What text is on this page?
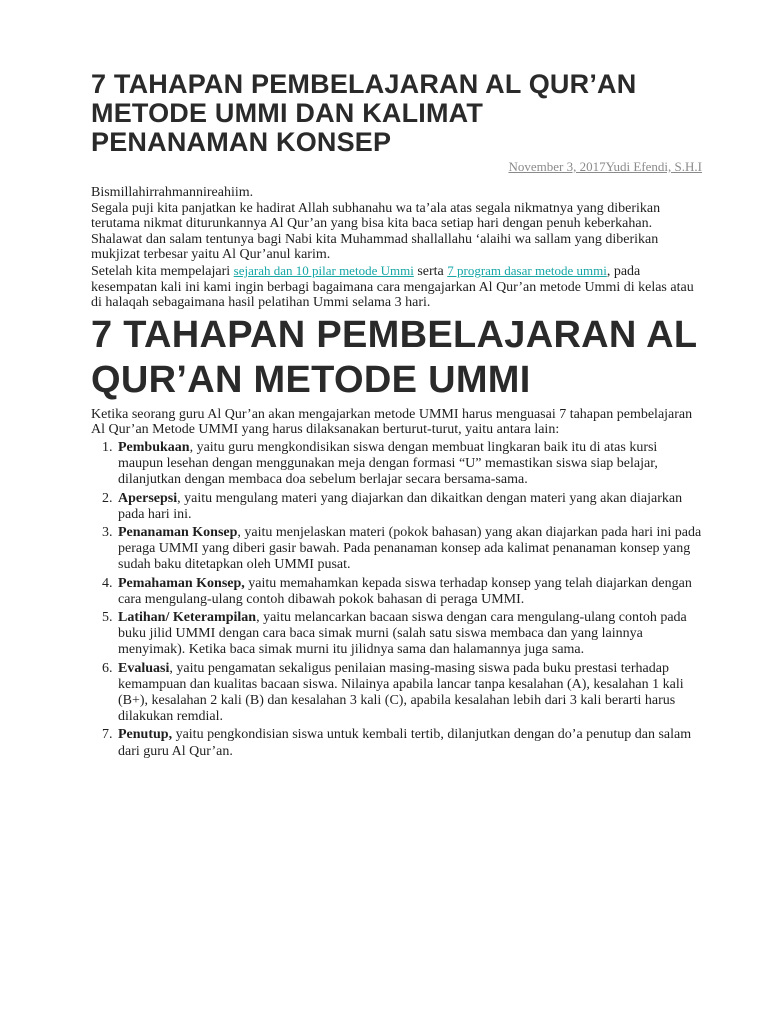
7 TAHAPAN PEMBELAJARAN AL QUR’AN METODE UMMI DAN KALIMAT PENANAMAN KONSEP
November 3, 2017Yudi Efendi, S.H.I

Bismillahirrahmannireahiim.

Segala puji kita panjatkan ke hadirat Allah subhanahu wa ta’ala atas segala nikmatnya yang diberikan terutama nikmat diturunkannya Al Qur’an yang bisa kita baca setiap hari dengan penuh keberkahan. Shalawat dan salam tentunya bagi Nabi kita Muhammad shallallahu ‘alaihi wa sallam yang diberikan mukjizat terbesar yaitu Al Qur’anul karim.

Setelah kita mempelajari sejarah dan 10 pilar metode Ummi serta 7 program dasar metode ummi, pada kesempatan kali ini kami ingin berbagi bagaimana cara mengajarkan Al Qur’an metode Ummi di kelas atau di halaqah sebagaimana hasil pelatihan Ummi selama 3 hari.

7 TAHAPAN PEMBELAJARAN AL QUR’AN METODE UMMI

Ketika seorang guru Al Qur’an akan mengajarkan metode UMMI harus menguasai 7 tahapan pembelajaran Al Qur’an Metode UMMI yang harus dilaksanakan berturut-turut, yaitu antara lain:

1. Pembukaan, yaitu guru mengkondisikan siswa dengan membuat lingkaran baik itu di atas kursi maupun lesehan dengan menggunakan meja dengan formasi “U” memastikan siswa siap belajar, dilanjutkan dengan membaca doa sebelum berlajar secara bersama-sama.
2. Apersepsi, yaitu mengulang materi yang diajarkan dan dikaitkan dengan materi yang akan diajarkan pada hari ini.
3. Penanaman Konsep, yaitu menjelaskan materi (pokok bahasan) yang akan diajarkan pada hari ini pada peraga UMMI yang diberi gasir bawah. Pada penanaman konsep ada kalimat penanaman konsep yang sudah baku ditetapkan oleh UMMI pusat.
4. Pemahaman Konsep, yaitu memahamkan kepada siswa terhadap konsep yang telah diajarkan dengan cara mengulang-ulang contoh dibawah pokok bahasan di peraga UMMI.
5. Latihan/ Keterampilan, yaitu melancarkan bacaan siswa dengan cara mengulang-ulang contoh pada buku jilid UMMI dengan cara baca simak murni (salah satu siswa membaca dan yang lainnya menyimak). Ketika baca simak murni itu jilidnya sama dan halamannya juga sama.
6. Evaluasi, yaitu pengamatan sekaligus penilaian masing-masing siswa pada buku prestasi terhadap kemampuan dan kualitas bacaan siswa. Nilainya apabila lancar tanpa kesalahan (A), kesalahan 1 kali (B+), kesalahan 2 kali (B) dan kesalahan 3 kali (C), apabila kesalahan lebih dari 3 kali berarti harus dilakukan remdial.
7. Penutup, yaitu pengkondisian siswa untuk kembali tertib, dilanjutkan dengan do’a penutup dan salam dari guru Al Qur’an.
